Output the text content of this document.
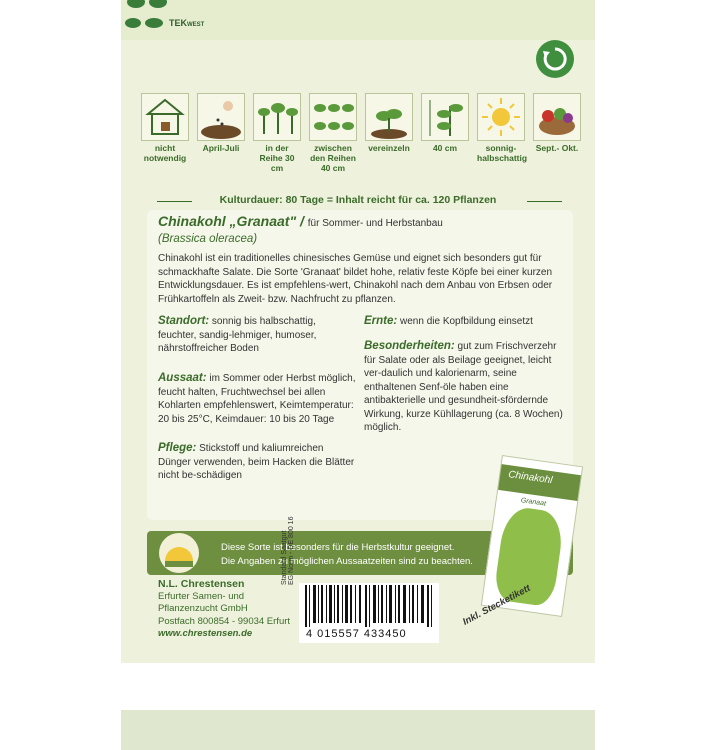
TEKWEST
nicht notwendig
April-Juli	in der Reihe 30 cm
zwischen den Reihen 40 cm
vereinzeln	40 cm	sonnig-halbschattig
Sept.- Okt.
Kulturdauer: 80 Tage = Inhalt reicht für ca. 120 Pflanzen
Chinakohl „Granaat" / für Sommer- und Herbstanbau
(Brassica oleracea)
Chinakohl ist ein traditionelles chinesisches Gemüse und eignet sich besonders gut für schmackhafte Salate. Die Sorte 'Granaat' bildet hohe, relativ feste Köpfe bei einer kurzen Entwicklungsdauer. Es ist empfehlens-wert, Chinakohl nach dem Anbau von Erbsen oder Frühkartoffeln als Zweit- bzw. Nachfrucht zu pflanzen.
Standort: sonnig bis halbschattig, feuchter, sandig-lehmiger, humoser, nährstoffreicher Boden
Aussaat: im Sommer oder Herbst möglich, feucht halten, Fruchtwechsel bei allen Kohlarten empfehlenswert, Keimtemperatur: 20 bis 25°C, Keimdauer: 10 bis 20 Tage
Pflege: Stickstoff und kaliumreichen Dünger verwenden, beim Hacken die Blätter nicht be-schädigen
Ernte: wenn die Kopfbildung einsetzt
Besonderheiten: gut zum Frischverzehr für Salate oder als Beilage geeignet, leicht ver-daulich und kalorienarm, seine enthaltenen Senf-öle haben eine antibakterielle und gesundheit-sfördernde Wirkung, kurze Kühllagerung (ca. 8 Wochen) möglich.
Diese Sorte ist besonders für die Herbstkultur geeignet.
Die Angaben zu möglichen Aussaatzeiten sind zu beachten.
N.L. Chrestensen
Erfurter Samen- und
Pflanzenzucht GmbH
Postfach 800854 - 99034 Erfurt
www.chrestensen.de
Standard Saatgut EG Norm - DE 800 16
4 015557 433450
Chinakohl
Granaat
Inkl. Stecketikett
